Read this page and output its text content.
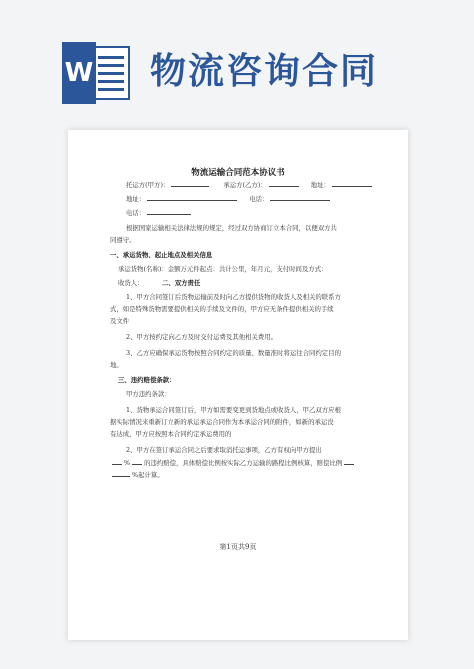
W 物流咨询合同
物流运输合同范本协议书
托运方(甲方)：	承运方(乙方)：	地址：
地址：	电话：
电话：
根据国家运输相关法律法规的规定，经过双方协商订立本合同，以便双方共
同遵守。
一、承运货物、起止地点及相关信息
承运货物(名称)：金额万元件起点：共计公里，年月元，支付时间及方式：
收货人：	二、双方责任
1、甲方合同签订后货物运输前及时向乙方提供货物的收货人及相关的联系方
式，如是特殊货物需要提供相关的手续及文件的，甲方应无条件提供相关的手续
及文件
2、甲方按约定向乙方及时交付运费及其他相关费用。
3、乙方应确保承运货物按照合同约定的质量、数量准时将运往合同约定目的
地。
三、违约赔偿条款：
甲方违约条款：
1、货物承运合同签订后，甲方如需要变更到货地点或收货人，甲乙双方应根
据实际情况来重新订立新的承运承运合同作为本承运合同的附件，如新的承运没
有达成，甲方应按照本合同约定承运费用的
2、甲方在签订承运合同之后要求取消托运事项，乙方有权向甲方提出
% 的违约赔偿，具体赔偿比例按实际乙方运输的路程比例核算，赔偿比例
%起计算。
第1页共9页
